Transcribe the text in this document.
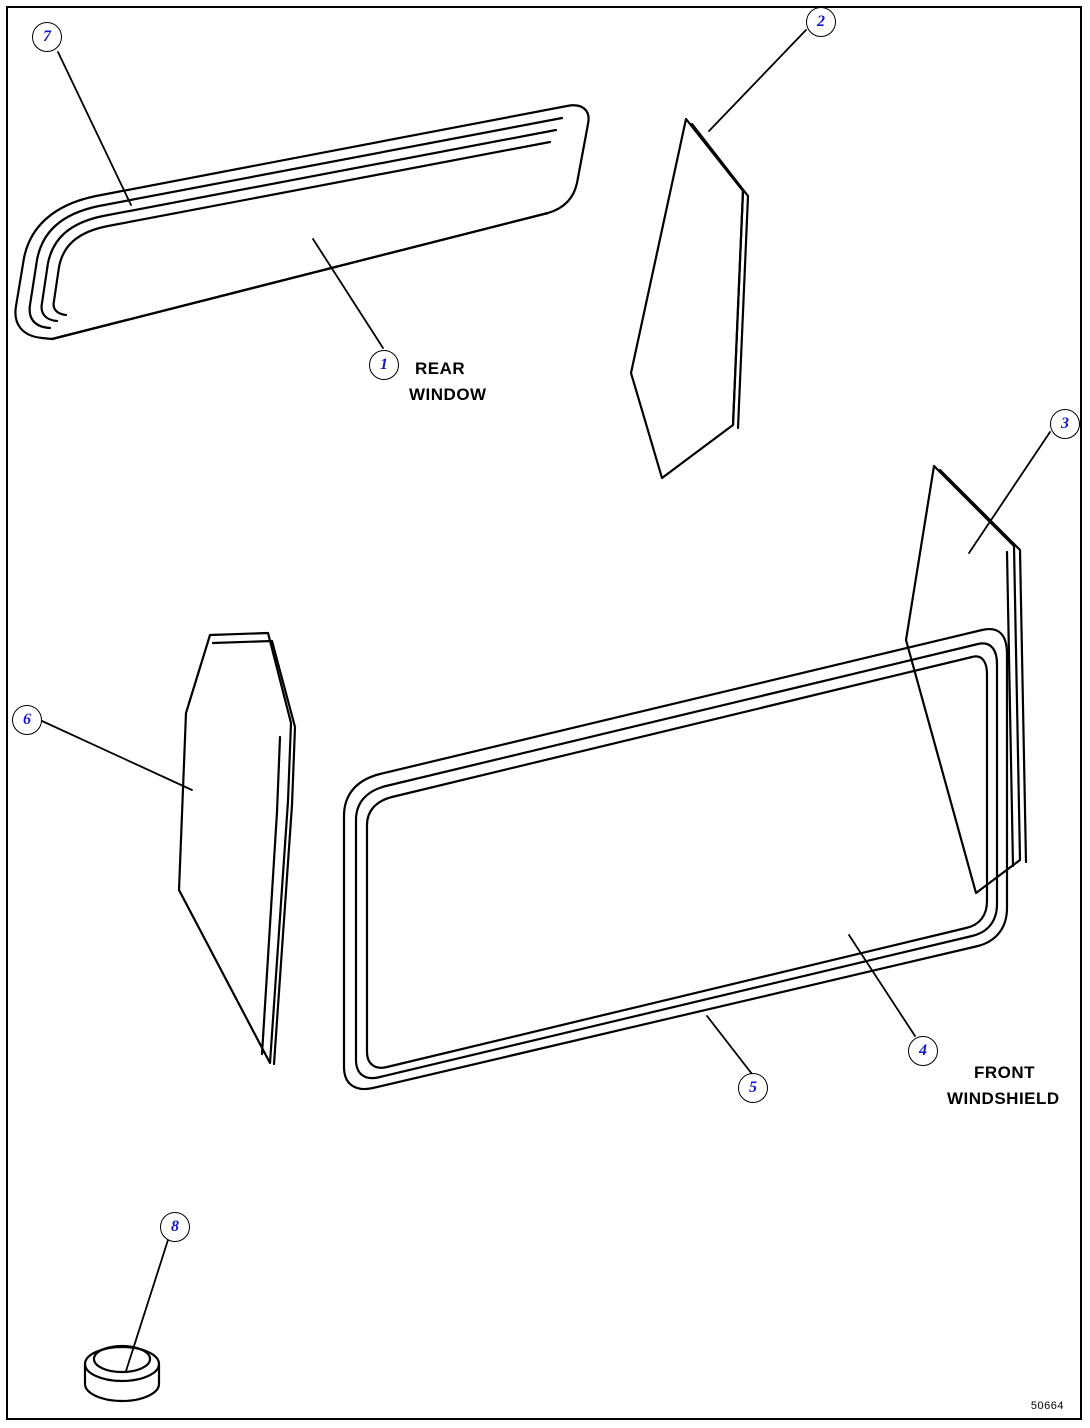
1
2
3
4
5
6
7
8
REAR
WINDOW
FRONT
WINDSHIELD
50664
